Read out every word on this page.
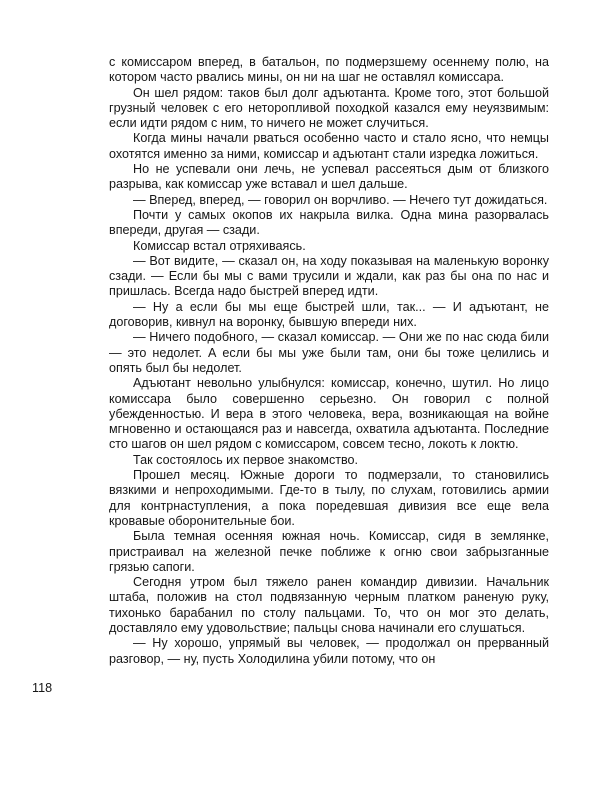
с комиссаром вперед, в батальон, по подмерзшему осеннему полю, на котором часто рвались мины, он ни на шаг не оставлял комиссара.

Он шел рядом: таков был долг адъютанта. Кроме того, этот большой грузный человек с его неторопливой походкой казался ему неуязвимым: если идти рядом с ним, то ничего не может случиться.

Когда мины начали рваться особенно часто и стало ясно, что немцы охотятся именно за ними, комиссар и адъютант стали изредка ложиться.

Но не успевали они лечь, не успевал рассеяться дым от близкого разрыва, как комиссар уже вставал и шел дальше.

— Вперед, вперед, — говорил он ворчливо. — Нечего тут дожидаться.

Почти у самых окопов их накрыла вилка. Одна мина разорвалась впереди, другая — сзади.

Комиссар встал отряхиваясь.

— Вот видите, — сказал он, на ходу показывая на маленькую воронку сзади. — Если бы мы с вами трусили и ждали, как раз бы она по нас и пришлась. Всегда надо быстрей вперед идти.

— Ну а если бы мы еще быстрей шли, так... — И адъютант, не договорив, кивнул на воронку, бывшую впереди них.

— Ничего подобного, — сказал комиссар. — Они же по нас сюда били — это недолет. А если бы мы уже были там, они бы тоже целились и опять был бы недолет.

Адъютант невольно улыбнулся: комиссар, конечно, шутил. Но лицо комиссара было совершенно серьезно. Он говорил с полной убежденностью. И вера в этого человека, вера, возникающая на войне мгновенно и остающаяся раз и навсегда, охватила адъютанта. Последние сто шагов он шел рядом с комиссаром, совсем тесно, локоть к локтю.

Так состоялось их первое знакомство.

Прошел месяц. Южные дороги то подмерзали, то становились вязкими и непроходимыми. Где-то в тылу, по слухам, готовились армии для контрнаступления, а пока поредевшая дивизия все еще вела кровавые оборонительные бои.

Была темная осенняя южная ночь. Комиссар, сидя в землянке, пристраивал на железной печке поближе к огню свои забрызганные грязью сапоги.

Сегодня утром был тяжело ранен командир дивизии. Начальник штаба, положив на стол подвязанную черным платком раненую руку, тихонько барабанил по столу пальцами. То, что он мог это делать, доставляло ему удовольствие; пальцы снова начинали его слушаться.

— Ну хорошо, упрямый вы человек, — продолжал он прерванный разговор, — ну, пусть Холодилина убили потому, что он

118
